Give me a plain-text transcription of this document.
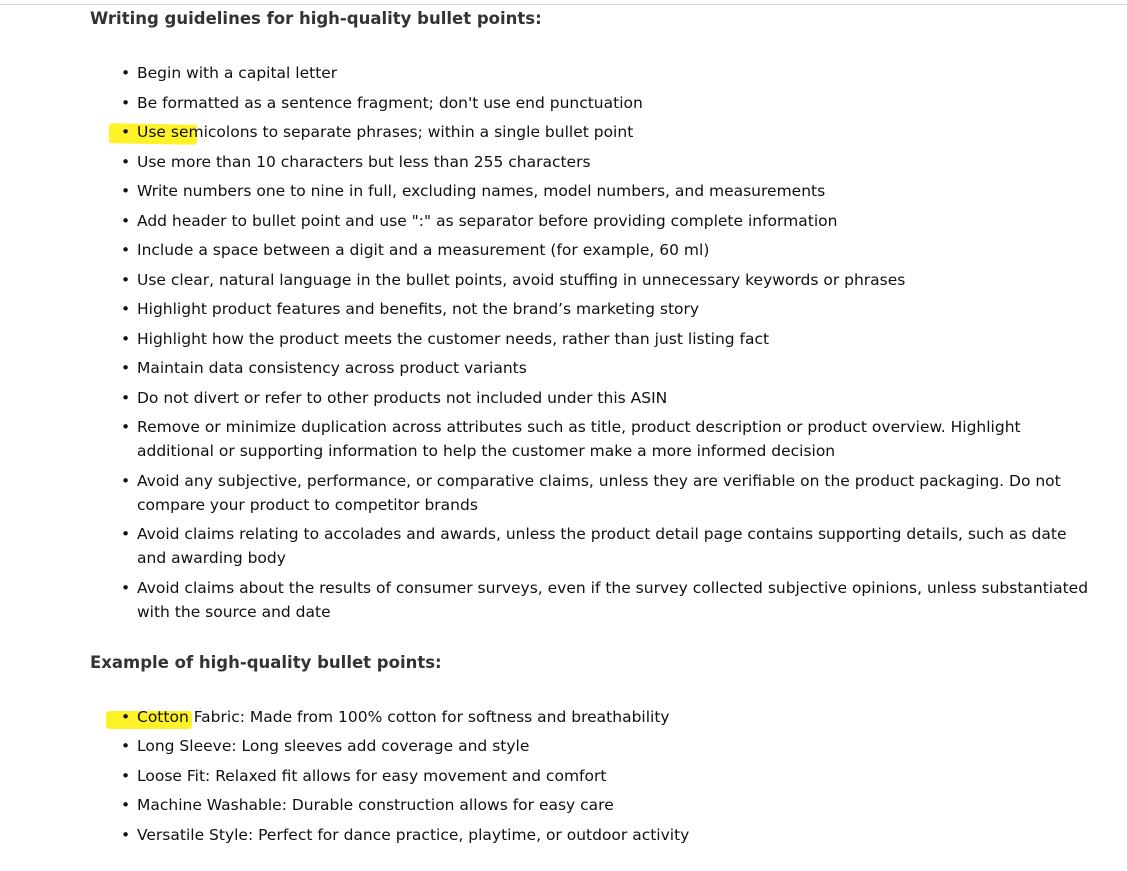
Writing guidelines for high-quality bullet points:
• Begin with a capital letter
• Be formatted as a sentence fragment; don't use end punctuation
• Use semicolons to separate phrases; within a single bullet point
• Use more than 10 characters but less than 255 characters
• Write numbers one to nine in full, excluding names, model numbers, and measurements
• Add header to bullet point and use ":" as separator before providing complete information
• Include a space between a digit and a measurement (for example, 60 ml)
• Use clear, natural language in the bullet points, avoid stuffing in unnecessary keywords or phrases
• Highlight product features and benefits, not the brand’s marketing story
• Highlight how the product meets the customer needs, rather than just listing fact
• Maintain data consistency across product variants
• Do not divert or refer to other products not included under this ASIN
• Remove or minimize duplication across attributes such as title, product description or product overview. Highlight additional or supporting information to help the customer make a more informed decision
• Avoid any subjective, performance, or comparative claims, unless they are verifiable on the product packaging. Do not compare your product to competitor brands
• Avoid claims relating to accolades and awards, unless the product detail page contains supporting details, such as date and awarding body
• Avoid claims about the results of consumer surveys, even if the survey collected subjective opinions, unless substantiated with the source and date
Example of high-quality bullet points:
• Cotton Fabric: Made from 100% cotton for softness and breathability
• Long Sleeve: Long sleeves add coverage and style
• Loose Fit: Relaxed fit allows for easy movement and comfort
• Machine Washable: Durable construction allows for easy care
• Versatile Style: Perfect for dance practice, playtime, or outdoor activity
